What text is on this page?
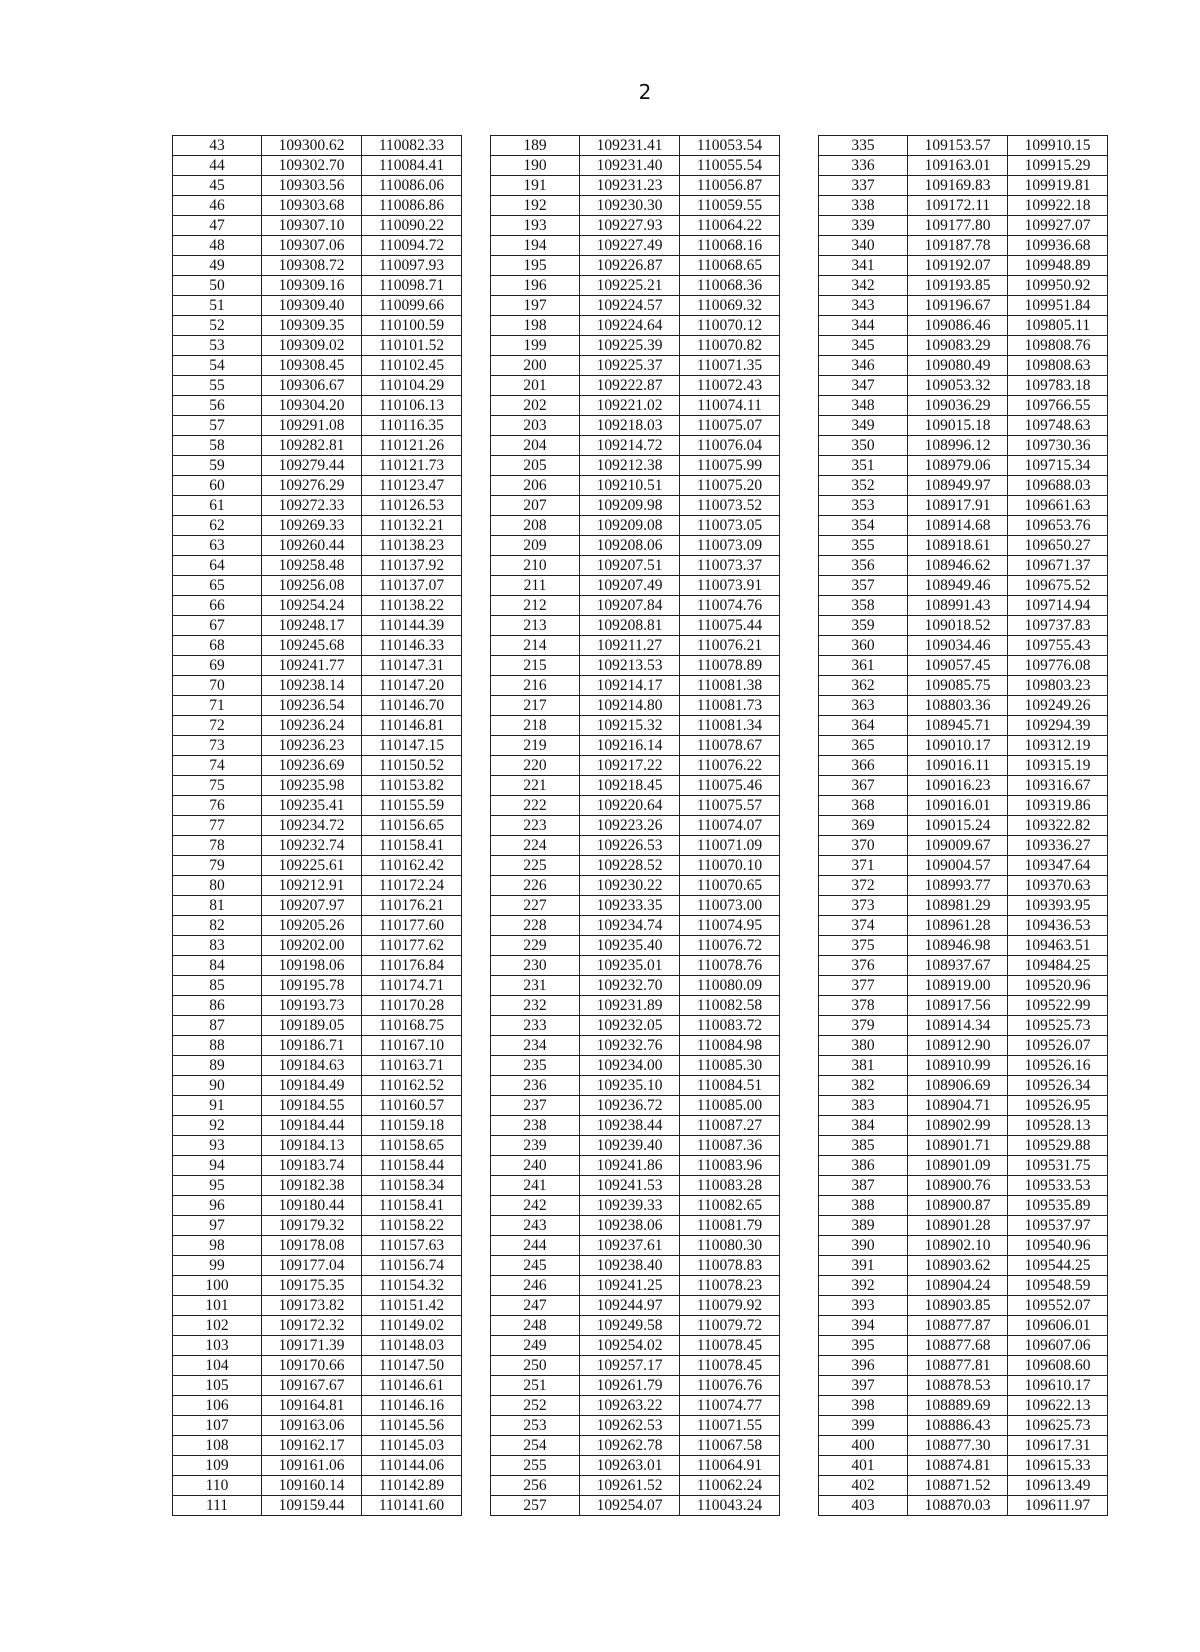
2
43	109300.62	110082.33
44	109302.70	110084.41
45	109303.56	110086.06
46	109303.68	110086.86
47	109307.10	110090.22
48	109307.06	110094.72
49	109308.72	110097.93
50	109309.16	110098.71
51	109309.40	110099.66
52	109309.35	110100.59
53	109309.02	110101.52
54	109308.45	110102.45
55	109306.67	110104.29
56	109304.20	110106.13
57	109291.08	110116.35
58	109282.81	110121.26
59	109279.44	110121.73
60	109276.29	110123.47
61	109272.33	110126.53
62	109269.33	110132.21
63	109260.44	110138.23
64	109258.48	110137.92
65	109256.08	110137.07
66	109254.24	110138.22
67	109248.17	110144.39
68	109245.68	110146.33
69	109241.77	110147.31
70	109238.14	110147.20
71	109236.54	110146.70
72	109236.24	110146.81
73	109236.23	110147.15
74	109236.69	110150.52
75	109235.98	110153.82
76	109235.41	110155.59
77	109234.72	110156.65
78	109232.74	110158.41
79	109225.61	110162.42
80	109212.91	110172.24
81	109207.97	110176.21
82	109205.26	110177.60
83	109202.00	110177.62
84	109198.06	110176.84
85	109195.78	110174.71
86	109193.73	110170.28
87	109189.05	110168.75
88	109186.71	110167.10
89	109184.63	110163.71
90	109184.49	110162.52
91	109184.55	110160.57
92	109184.44	110159.18
93	109184.13	110158.65
94	109183.74	110158.44
95	109182.38	110158.34
96	109180.44	110158.41
97	109179.32	110158.22
98	109178.08	110157.63
99	109177.04	110156.74
100	109175.35	110154.32
101	109173.82	110151.42
102	109172.32	110149.02
103	109171.39	110148.03
104	109170.66	110147.50
105	109167.67	110146.61
106	109164.81	110146.16
107	109163.06	110145.56
108	109162.17	110145.03
109	109161.06	110144.06
110	109160.14	110142.89
111	109159.44	110141.60
189	109231.41	110053.54
190	109231.40	110055.54
191	109231.23	110056.87
192	109230.30	110059.55
193	109227.93	110064.22
194	109227.49	110068.16
195	109226.87	110068.65
196	109225.21	110068.36
197	109224.57	110069.32
198	109224.64	110070.12
199	109225.39	110070.82
200	109225.37	110071.35
201	109222.87	110072.43
202	109221.02	110074.11
203	109218.03	110075.07
204	109214.72	110076.04
205	109212.38	110075.99
206	109210.51	110075.20
207	109209.98	110073.52
208	109209.08	110073.05
209	109208.06	110073.09
210	109207.51	110073.37
211	109207.49	110073.91
212	109207.84	110074.76
213	109208.81	110075.44
214	109211.27	110076.21
215	109213.53	110078.89
216	109214.17	110081.38
217	109214.80	110081.73
218	109215.32	110081.34
219	109216.14	110078.67
220	109217.22	110076.22
221	109218.45	110075.46
222	109220.64	110075.57
223	109223.26	110074.07
224	109226.53	110071.09
225	109228.52	110070.10
226	109230.22	110070.65
227	109233.35	110073.00
228	109234.74	110074.95
229	109235.40	110076.72
230	109235.01	110078.76
231	109232.70	110080.09
232	109231.89	110082.58
233	109232.05	110083.72
234	109232.76	110084.98
235	109234.00	110085.30
236	109235.10	110084.51
237	109236.72	110085.00
238	109238.44	110087.27
239	109239.40	110087.36
240	109241.86	110083.96
241	109241.53	110083.28
242	109239.33	110082.65
243	109238.06	110081.79
244	109237.61	110080.30
245	109238.40	110078.83
246	109241.25	110078.23
247	109244.97	110079.92
248	109249.58	110079.72
249	109254.02	110078.45
250	109257.17	110078.45
251	109261.79	110076.76
252	109263.22	110074.77
253	109262.53	110071.55
254	109262.78	110067.58
255	109263.01	110064.91
256	109261.52	110062.24
257	109254.07	110043.24
335	109153.57	109910.15
336	109163.01	109915.29
337	109169.83	109919.81
338	109172.11	109922.18
339	109177.80	109927.07
340	109187.78	109936.68
341	109192.07	109948.89
342	109193.85	109950.92
343	109196.67	109951.84
344	109086.46	109805.11
345	109083.29	109808.76
346	109080.49	109808.63
347	109053.32	109783.18
348	109036.29	109766.55
349	109015.18	109748.63
350	108996.12	109730.36
351	108979.06	109715.34
352	108949.97	109688.03
353	108917.91	109661.63
354	108914.68	109653.76
355	108918.61	109650.27
356	108946.62	109671.37
357	108949.46	109675.52
358	108991.43	109714.94
359	109018.52	109737.83
360	109034.46	109755.43
361	109057.45	109776.08
362	109085.75	109803.23
363	108803.36	109249.26
364	108945.71	109294.39
365	109010.17	109312.19
366	109016.11	109315.19
367	109016.23	109316.67
368	109016.01	109319.86
369	109015.24	109322.82
370	109009.67	109336.27
371	109004.57	109347.64
372	108993.77	109370.63
373	108981.29	109393.95
374	108961.28	109436.53
375	108946.98	109463.51
376	108937.67	109484.25
377	108919.00	109520.96
378	108917.56	109522.99
379	108914.34	109525.73
380	108912.90	109526.07
381	108910.99	109526.16
382	108906.69	109526.34
383	108904.71	109526.95
384	108902.99	109528.13
385	108901.71	109529.88
386	108901.09	109531.75
387	108900.76	109533.53
388	108900.87	109535.89
389	108901.28	109537.97
390	108902.10	109540.96
391	108903.62	109544.25
392	108904.24	109548.59
393	108903.85	109552.07
394	108877.87	109606.01
395	108877.68	109607.06
396	108877.81	109608.60
397	108878.53	109610.17
398	108889.69	109622.13
399	108886.43	109625.73
400	108877.30	109617.31
401	108874.81	109615.33
402	108871.52	109613.49
403	108870.03	109611.97
